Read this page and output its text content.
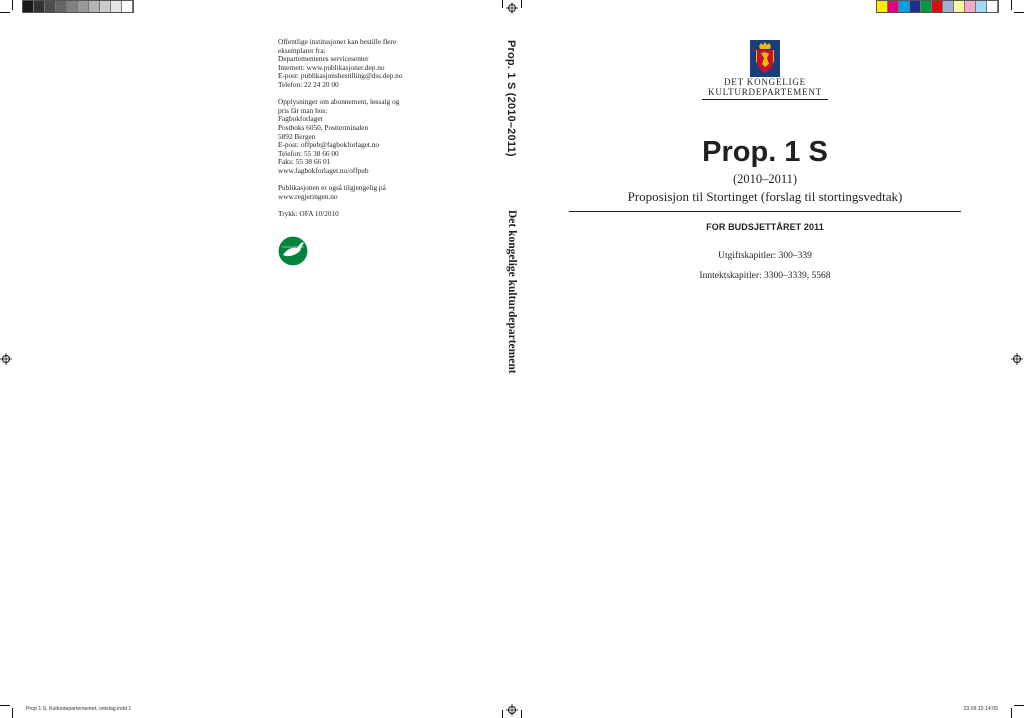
Offentlige institusjoner kan bestille flere
eksemplarer fra:
Departementenes servicesenter
Internett: www.publikasjoner.dep.no
E-post: publikasjonsbestilling@dss.dep.no
Telefon: 22 24 20 00

Opplysninger om abonnement, løssalg og
pris får man hos:
Fagbokforlaget
Postboks 6050, Postterminalen
5892 Bergen
E-post: offpub@fagbokforlaget.no
Telefon: 55 38 66 00
Faks: 55 38 66 01
www.fagbokforlaget.no/offpub

Publikasjonen er også tilgjengelig på
www.regjeringen.no

Trykk: OFA 10/2010

Prop. 1 S (2010–2011)
Det kongelige kulturdepartement
DET KONGELIGE
KULTURDEPARTEMENT
Prop. 1 S
(2010–2011)
Proposisjon til Stortinget (forslag til stortingsvedtak)
FOR BUDSJETTÅRET 2011
Utgiftskapitler: 300–339
Inntektskapitler: 3300–3339, 5568
Prop 1 S, Kulturdepartementet, omslag.indd 1	23.09.10 14:05
